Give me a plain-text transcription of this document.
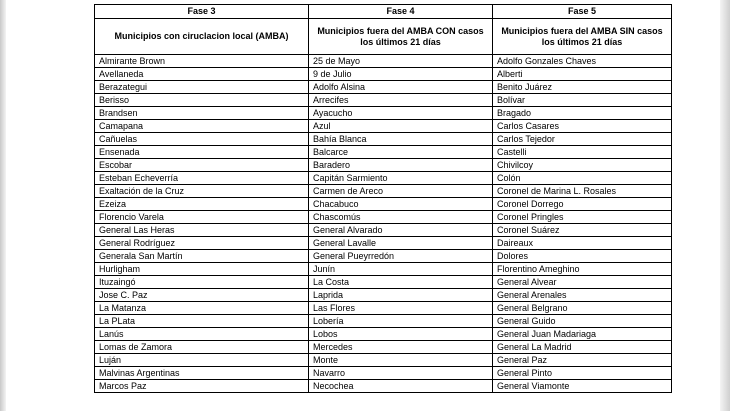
Fase 3	Fase 4	Fase 5
Municipios con ciruclacion local (AMBA)	Municipios fuera del AMBA CON casos los últimos 21 días	Municipios fuera del AMBA SIN casos los últimos 21 días
Almirante Brown	25 de Mayo	Adolfo Gonzales Chaves
Avellaneda	9 de Julio	Alberti
Berazategui	Adolfo Alsina	Benito Juárez
Berisso	Arrecifes	Bolívar
Brandsen	Ayacucho	Bragado
Camapana	Azul	Carlos Casares
Cañuelas	Bahía Blanca	Carlos Tejedor
Ensenada	Balcarce	Castelli
Escobar	Baradero	Chivilcoy
Esteban Echeverría	Capitán Sarmiento	Colón
Exaltación de la Cruz	Carmen de Areco	Coronel de Marina L. Rosales
Ezeiza	Chacabuco	Coronel Dorrego
Florencio Varela	Chascomús	Coronel Pringles
General Las Heras	General Alvarado	Coronel Suárez
General Rodríguez	General Lavalle	Daireaux
Generala San Martín	General Pueyrredón	Dolores
Hurligham	Junín	Florentino Ameghino
Ituzaingó	La Costa	General Alvear
Jose C. Paz	Laprida	General Arenales
La Matanza	Las Flores	General Belgrano
La PLata	Lobería	General Guido
Lanús	Lobos	General Juan Madariaga
Lomas de Zamora	Mercedes	General La Madrid
Luján	Monte	General Paz
Malvinas Argentinas	Navarro	General Pinto
Marcos Paz	Necochea	General Viamonte
